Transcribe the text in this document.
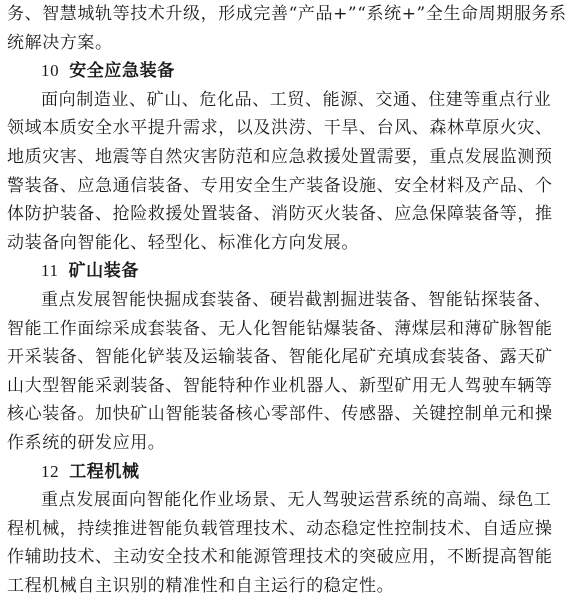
务、智慧城轨等技术升级，形成完善“产品+”“系统+”全生命周期服务系
统解决方案。
10 安全应急装备
面向制造业、矿山、危化品、工贸、能源、交通、住建等重点行业
领域本质安全水平提升需求，以及洪涝、干旱、台风、森林草原火灾、
地质灾害、地震等自然灾害防范和应急救援处置需要，重点发展监测预
警装备、应急通信装备、专用安全生产装备设施、安全材料及产品、个
体防护装备、抢险救援处置装备、消防灭火装备、应急保障装备等，推
动装备向智能化、轻型化、标准化方向发展。
11 矿山装备
重点发展智能快掘成套装备、硬岩截割掘进装备、智能钻探装备、
智能工作面综采成套装备、无人化智能钻爆装备、薄煤层和薄矿脉智能
开采装备、智能化铲装及运输装备、智能化尾矿充填成套装备、露天矿
山大型智能采剥装备、智能特种作业机器人、新型矿用无人驾驶车辆等
核心装备。加快矿山智能装备核心零部件、传感器、关键控制单元和操
作系统的研发应用。
12 工程机械
重点发展面向智能化作业场景、无人驾驶运营系统的高端、绿色工
程机械，持续推进智能负载管理技术、动态稳定性控制技术、自适应操
作辅助技术、主动安全技术和能源管理技术的突破应用，不断提高智能
工程机械自主识别的精准性和自主运行的稳定性。
